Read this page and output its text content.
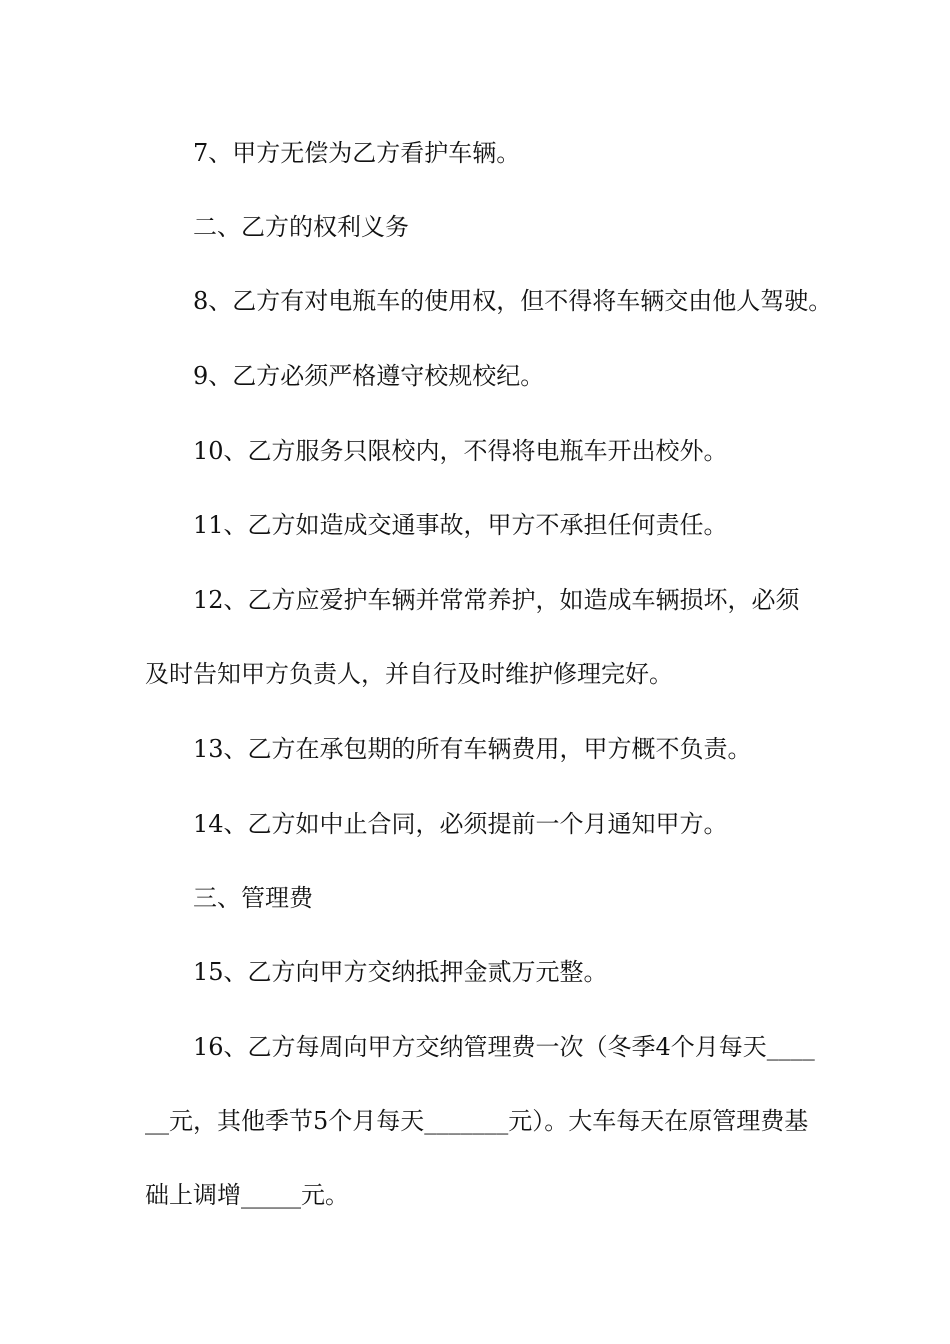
7、甲方无偿为乙方看护车辆。
二、乙方的权利义务
8、乙方有对电瓶车的使用权，但不得将车辆交由他人驾驶。
9、乙方必须严格遵守校规校纪。
10、乙方服务只限校内，不得将电瓶车开出校外。
11、乙方如造成交通事故，甲方不承担任何责任。
12、乙方应爱护车辆并常常养护，如造成车辆损坏，必须及时告知甲方负责人，并自行及时维护修理完好。
13、乙方在承包期的所有车辆费用，甲方概不负责。
14、乙方如中止合同，必须提前一个月通知甲方。
三、管理费
15、乙方向甲方交纳抵押金贰万元整。
16、乙方每周向甲方交纳管理费一次（冬季4个月每天______元，其他季节5个月每天_______元）。大车每天在原管理费基础上调增_____元。
